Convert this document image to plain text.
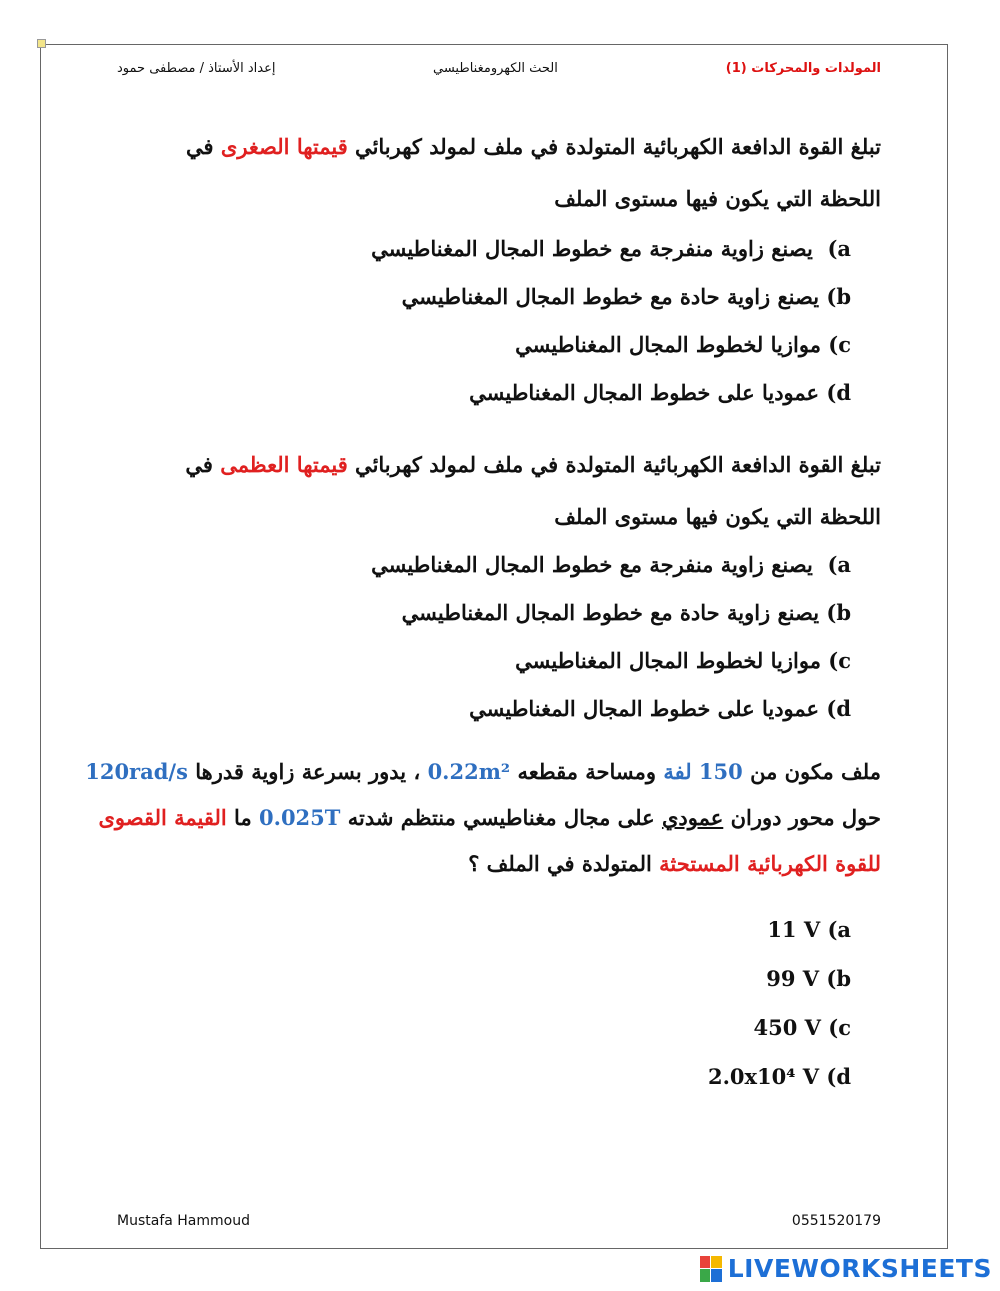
المولدات والمحركات (1)
الحث الكهرومغناطيسي
إعداد الأستاذ / مصطفى حمود
تبلغ القوة الدافعة الكهربائية المتولدة في ملف لمولد كهربائي قيمتها الصغرى في اللحظة التي يكون فيها مستوى الملف
a)  يصنع زاوية منفرجة مع خطوط المجال المغناطيسي
b) يصنع زاوية حادة مع خطوط المجال المغناطيسي
c) موازيا لخطوط المجال المغناطيسي
d) عموديا على خطوط المجال المغناطيسي
تبلغ القوة الدافعة الكهربائية المتولدة في ملف لمولد كهربائي قيمتها العظمى في اللحظة التي يكون فيها مستوى الملف
a)  يصنع زاوية منفرجة مع خطوط المجال المغناطيسي
b) يصنع زاوية حادة مع خطوط المجال المغناطيسي
c) موازيا لخطوط المجال المغناطيسي
d) عموديا على خطوط المجال المغناطيسي
ملف مكون من 150 لفة ومساحة مقطعه 0.22m² ، يدور بسرعة زاوية قدرها 120rad/s حول محور دوران عمودي على مجال مغناطيسي منتظم شدته 0.025T ما القيمة القصوى للقوة الكهربائية المستحثة المتولدة في الملف ؟
11 V (a
99 V (b
450 V (c
2.0x10⁴ V (d
Mustafa Hammoud	0551520179
LIVEWORKSHEETS
